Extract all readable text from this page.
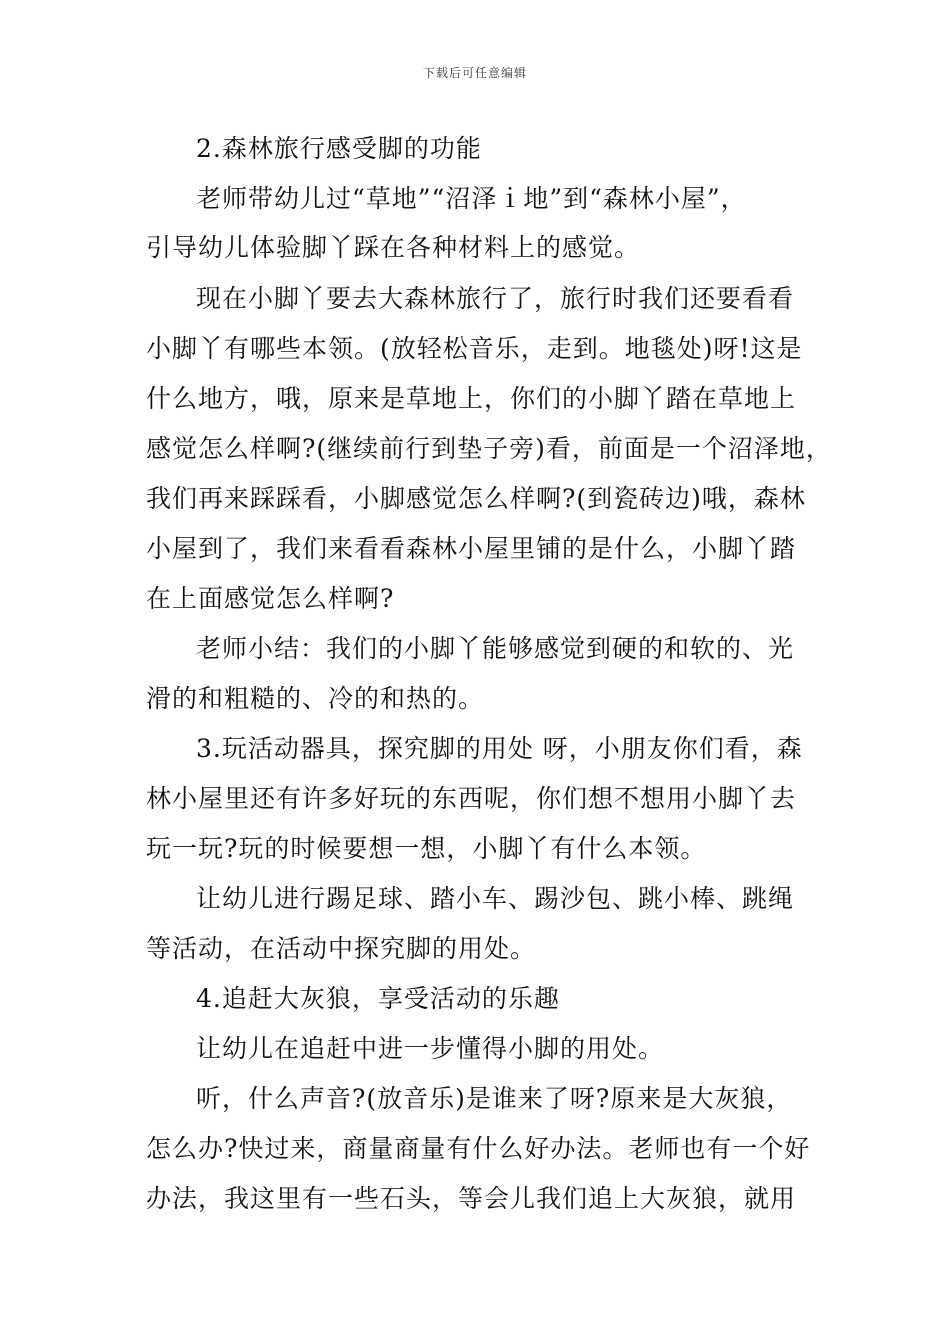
下载后可任意编辑
2.森林旅行感受脚的功能
老师带幼儿过“草地”“沼泽ｉ地”到“森林小屋”，
引导幼儿体验脚丫踩在各种材料上的感觉。
现在小脚丫要去大森林旅行了，旅行时我们还要看看
小脚丫有哪些本领。(放轻松音乐，走到。地毯处)呀!这是
什么地方，哦，原来是草地上，你们的小脚丫踏在草地上
感觉怎么样啊?(继续前行到垫子旁)看，前面是一个沼泽地，
我们再来踩踩看，小脚感觉怎么样啊?(到瓷砖边)哦，森林
小屋到了，我们来看看森林小屋里铺的是什么，小脚丫踏
在上面感觉怎么样啊?
老师小结：我们的小脚丫能够感觉到硬的和软的、光
滑的和粗糙的、冷的和热的。
3.玩活动器具，探究脚的用处 呀，小朋友你们看，森
林小屋里还有许多好玩的东西呢，你们想不想用小脚丫去
玩一玩?玩的时候要想一想，小脚丫有什么本领。
让幼儿进行踢足球、踏小车、踢沙包、跳小棒、跳绳
等活动，在活动中探究脚的用处。
4.追赶大灰狼，享受活动的乐趣
让幼儿在追赶中进一步懂得小脚的用处。
听，什么声音?(放音乐)是谁来了呀?原来是大灰狼，
怎么办?快过来，商量商量有什么好办法。老师也有一个好
办法，我这里有一些石头，等会儿我们追上大灰狼，就用
